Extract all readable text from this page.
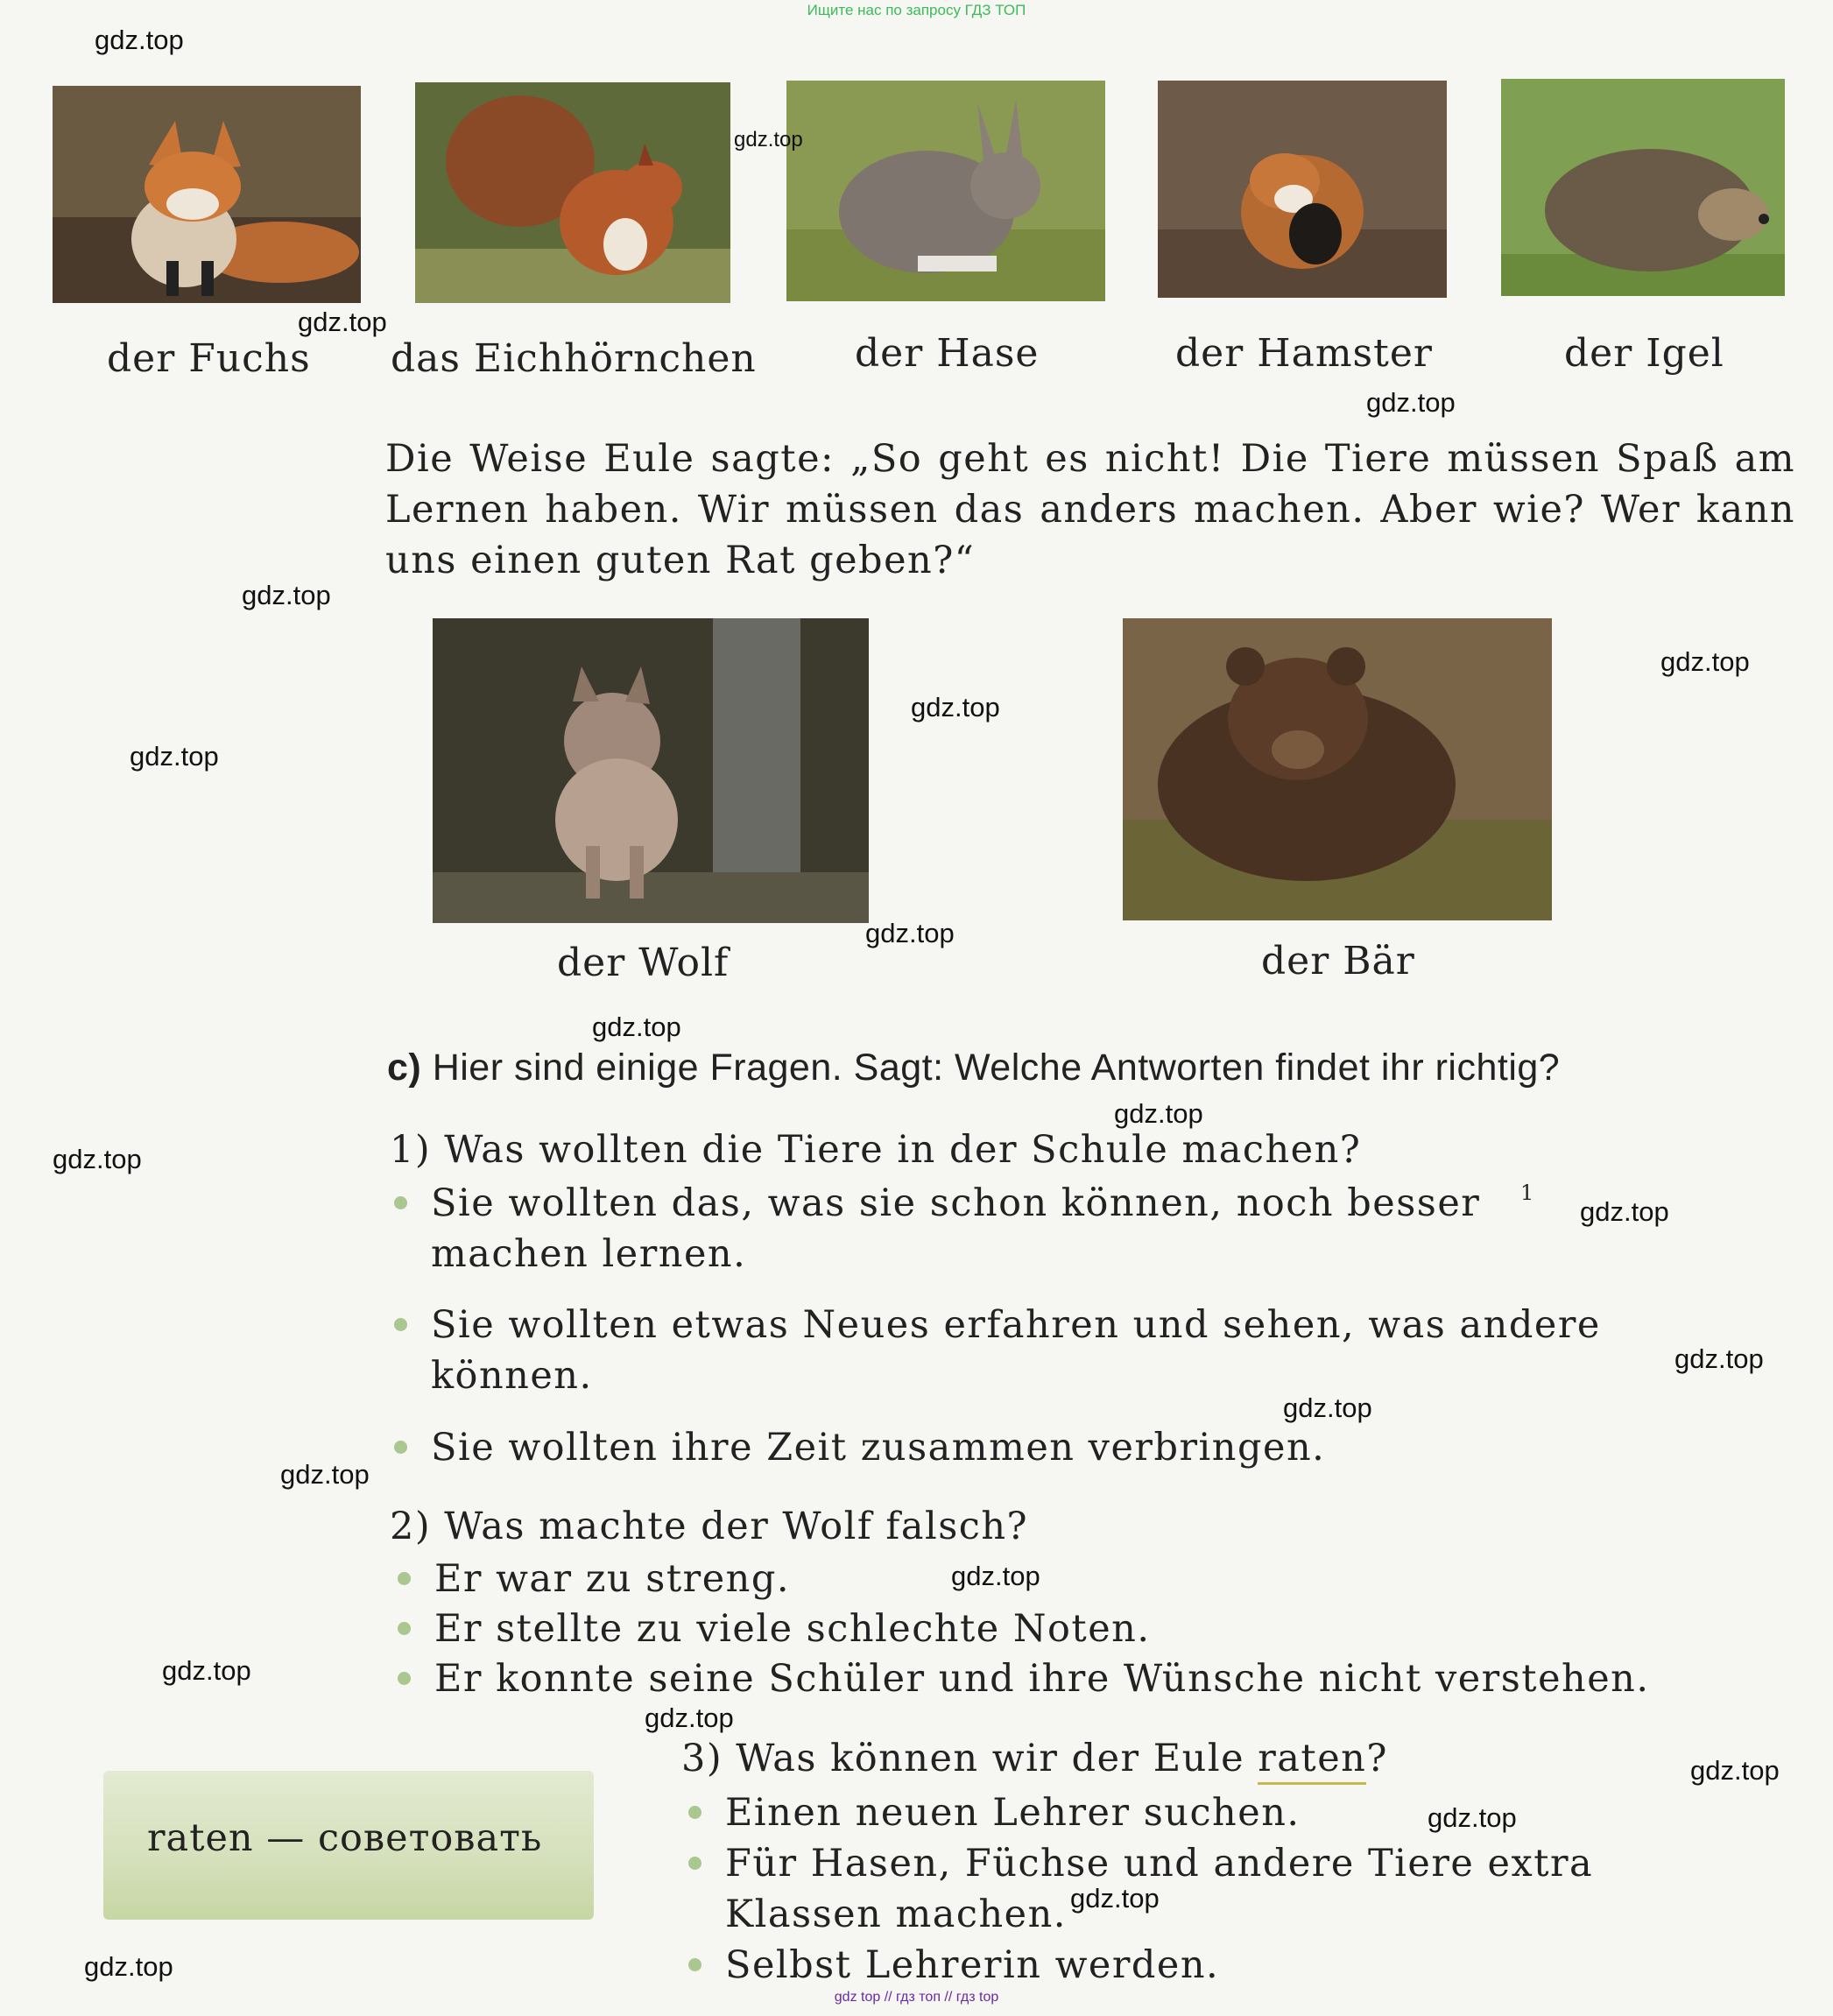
Ищите нас по запросу ГДЗ ТОП
gdz top // гдз топ // гдз top
der Fuchs das Eichhörnchen	der Hase	der Hamster	der Igel
Die Weise Eule sagte: „So geht es nicht! Die Tiere müssen Spaß am Lernen haben. Wir müssen das anders machen. Aber wie? Wer kann uns einen guten Rat geben?“
der Wolf	der Bär
c) Hier sind einige Fragen. Sagt: Welche Antworten findet ihr richtig?
1) Was wollten die Tiere in der Schule machen?
Sie wollten das, was sie schon können, noch besser machen lernen.
1
Sie wollten etwas Neues erfahren und sehen, was andere können.
Sie wollten ihre Zeit zusammen verbringen.
2) Was machte der Wolf falsch?
Er war zu streng.
Er stellte zu viele schlechte Noten.
Er konnte seine Schüler und ihre Wünsche nicht verstehen.
3) Was können wir der Eule raten?
Einen neuen Lehrer suchen.
Für Hasen, Füchse und andere Tiere extra Klassen machen.
Selbst Lehrerin werden.
raten — советовать
gdz.top
gdz.top
gdz.top
gdz.top
gdz.top
gdz.top
gdz.top
gdz.top
gdz.top
gdz.top
gdz.top
gdz.top
gdz.top
gdz.top
gdz.top
gdz.top
gdz.top
gdz.top
gdz.top
gdz.top
gdz.top
gdz.top
gdz.top
